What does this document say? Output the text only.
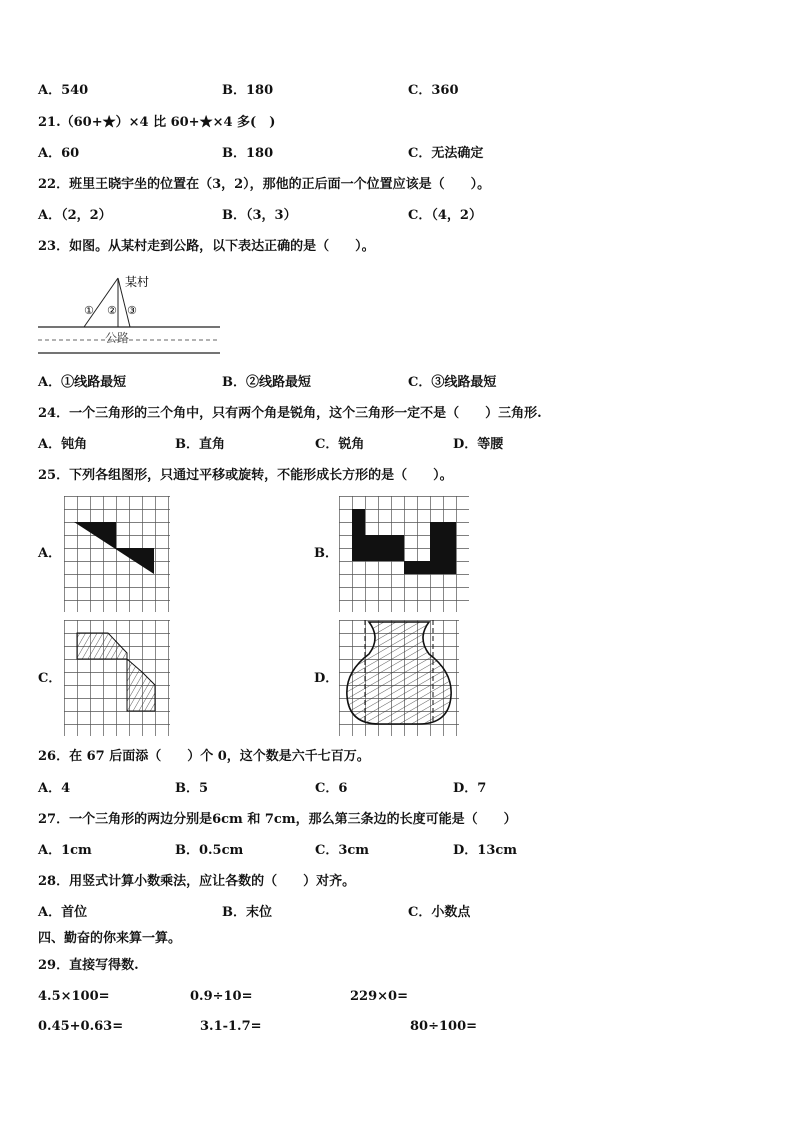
A．540	B．180	C．360
21.（60+★）×4 比 60+★×4 多(　)
A．60	B．180	C．无法确定
22．班里王晓宇坐的位置在（3，2），那他的正后面一个位置应该是（　　）。
A．（2，2）	B．（3，3）	C．（4，2）
23．如图。从某村走到公路，以下表达正确的是（　　）。
某村
① ② ③
公路
A．①线路最短	B．②线路最短	C．③线路最短
24．一个三角形的三个角中，只有两个角是锐角，这个三角形一定不是（　　）三角形.
A．钝角	B．直角	C．锐角	D．等腰
25．下列各组图形，只通过平移或旋转，不能形成长方形的是（　　）。
A．	B．
C．	D．
26．在 67 后面添（　　）个 0，这个数是六千七百万。
A．4	B．5	C．6	D．7
27．一个三角形的两边分别是6cm 和 7cm，那么第三条边的长度可能是（　　）
A．1cm	B．0.5cm	C．3cm	D．13cm
28．用竖式计算小数乘法，应让各数的（　　）对齐。
A．首位	B．末位	C．小数点
四、勤奋的你来算一算。
29．直接写得数.
4.5×100=	0.9÷10=	229×0=
0.45+0.63=	3.1-1.7=	80÷100=
